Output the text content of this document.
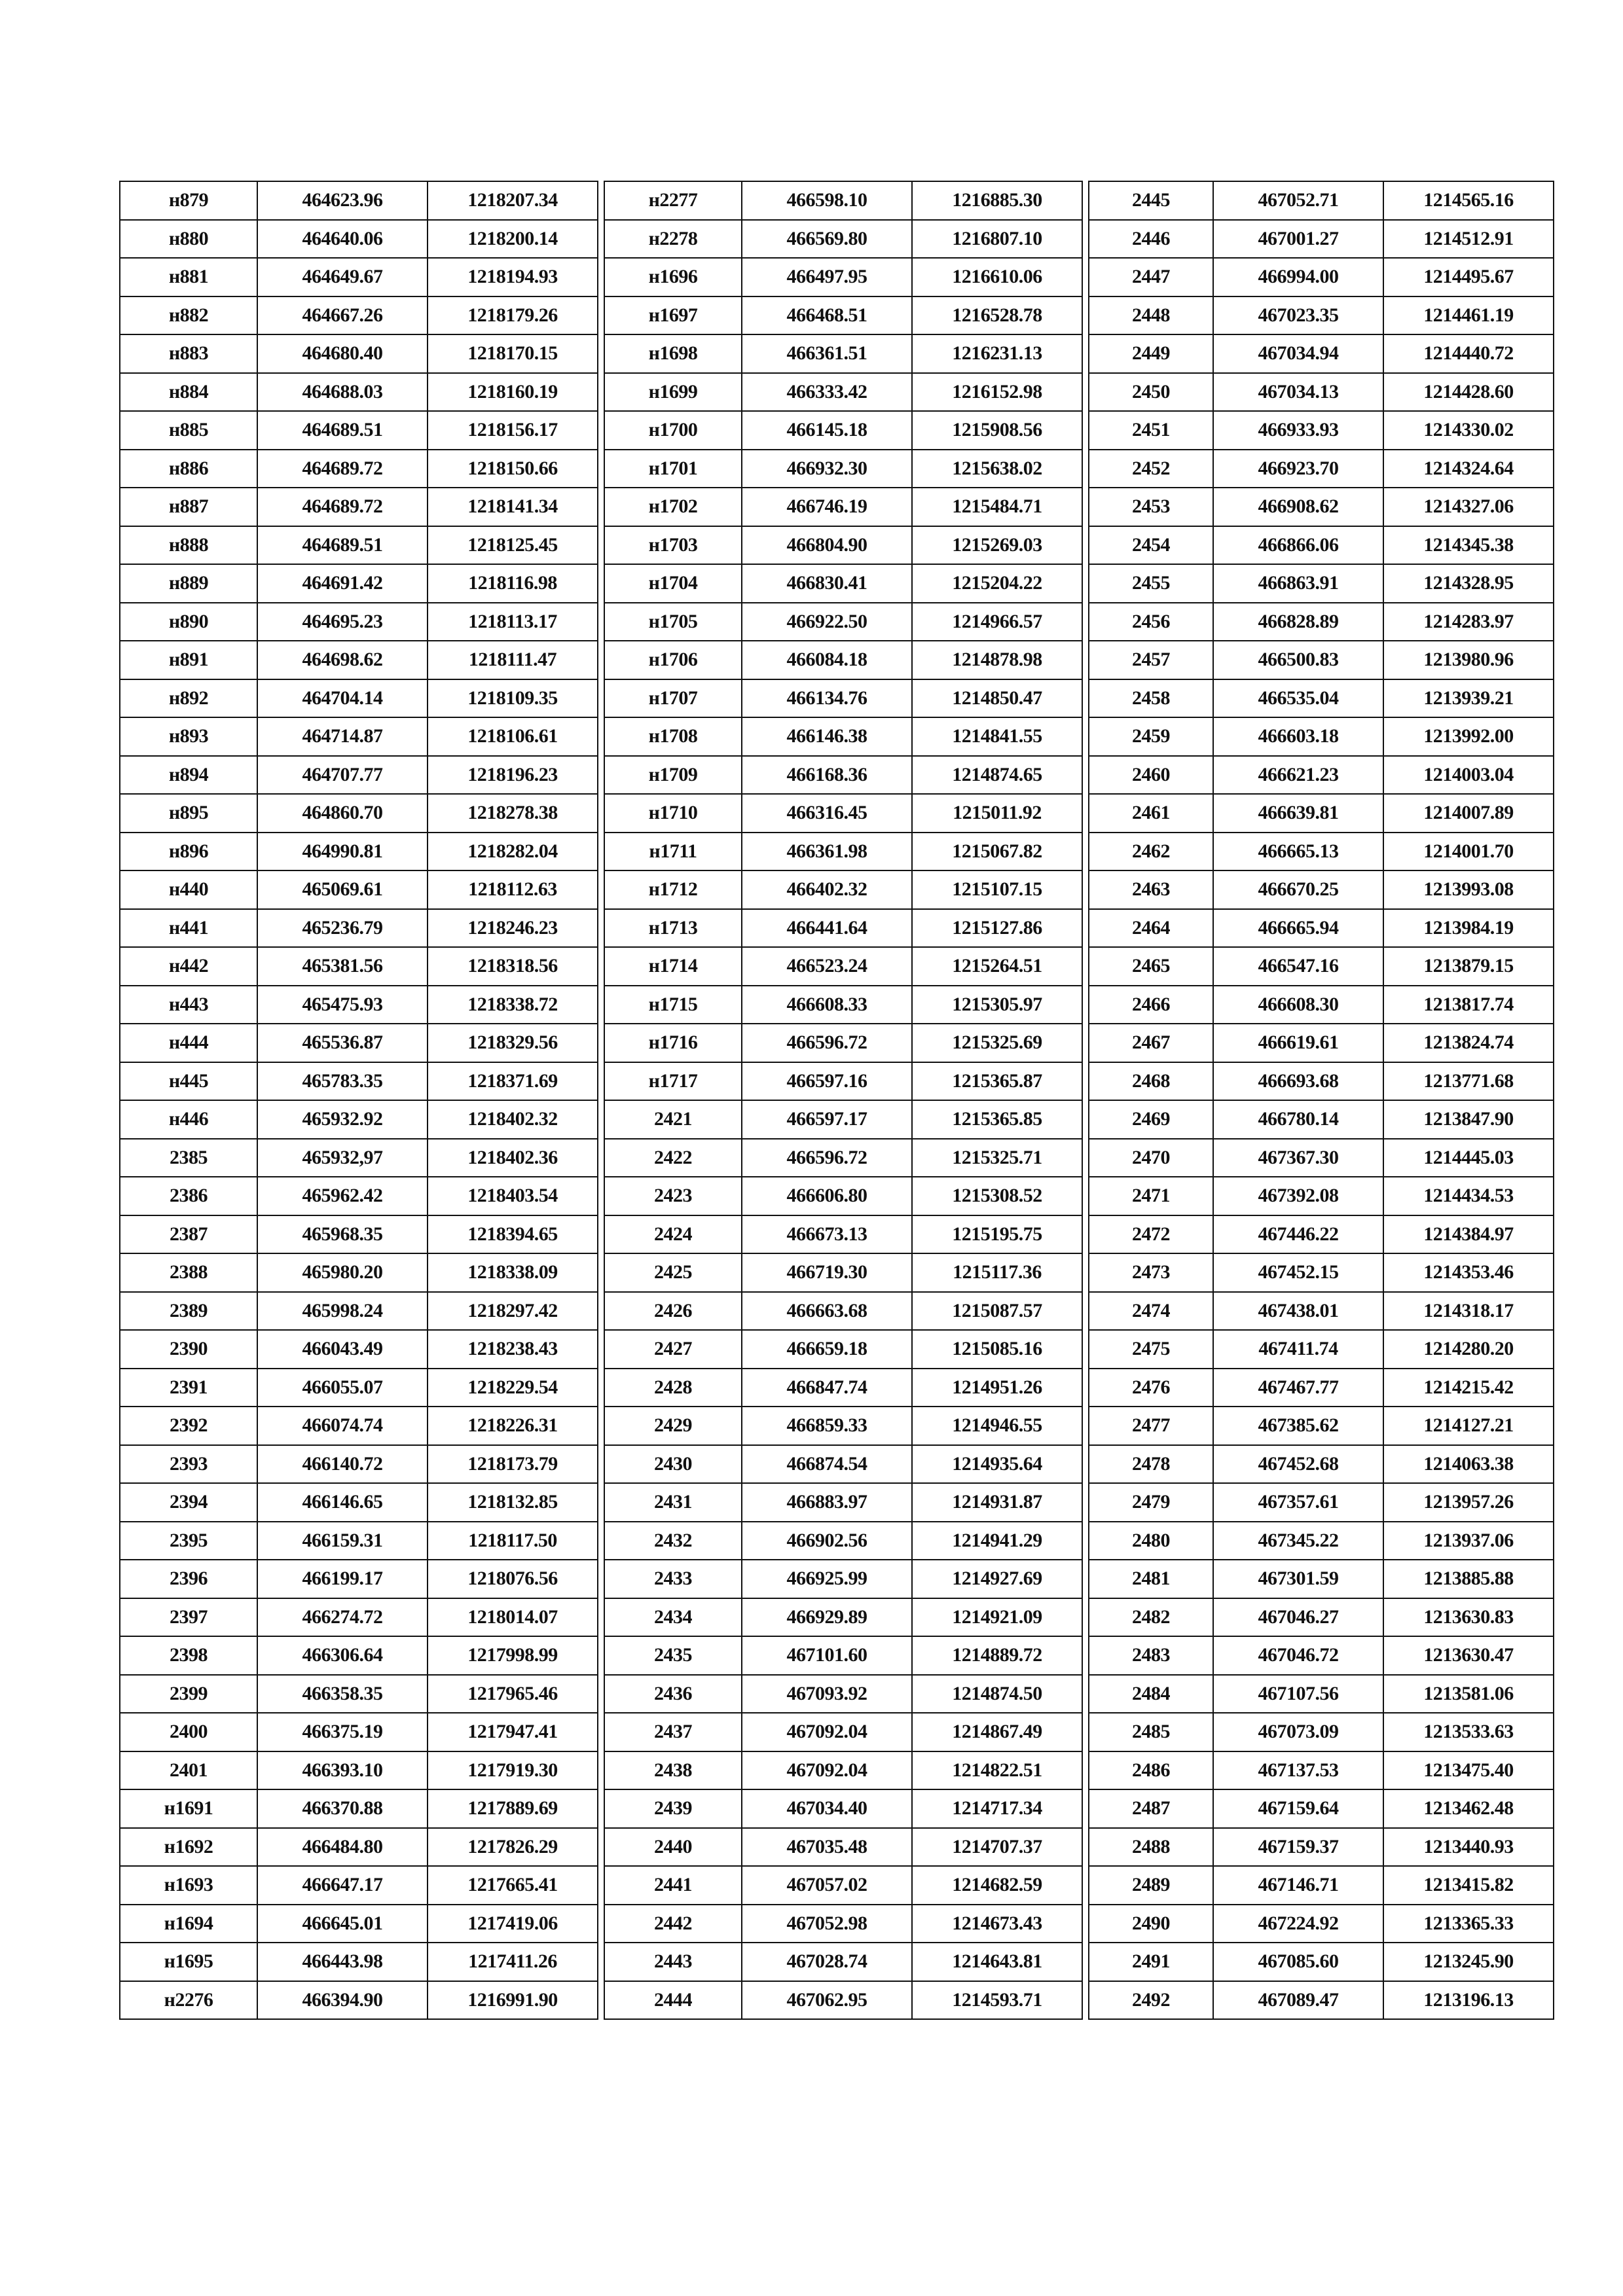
н879	464623.96	1218207.34
н880	464640.06	1218200.14
н881	464649.67	1218194.93
н882	464667.26	1218179.26
н883	464680.40	1218170.15
н884	464688.03	1218160.19
н885	464689.51	1218156.17
н886	464689.72	1218150.66
н887	464689.72	1218141.34
н888	464689.51	1218125.45
н889	464691.42	1218116.98
н890	464695.23	1218113.17
н891	464698.62	1218111.47
н892	464704.14	1218109.35
н893	464714.87	1218106.61
н894	464707.77	1218196.23
н895	464860.70	1218278.38
н896	464990.81	1218282.04
н440	465069.61	1218112.63
н441	465236.79	1218246.23
н442	465381.56	1218318.56
н443	465475.93	1218338.72
н444	465536.87	1218329.56
н445	465783.35	1218371.69
н446	465932.92	1218402.32
2385	465932,97	1218402.36
2386	465962.42	1218403.54
2387	465968.35	1218394.65
2388	465980.20	1218338.09
2389	465998.24	1218297.42
2390	466043.49	1218238.43
2391	466055.07	1218229.54
2392	466074.74	1218226.31
2393	466140.72	1218173.79
2394	466146.65	1218132.85
2395	466159.31	1218117.50
2396	466199.17	1218076.56
2397	466274.72	1218014.07
2398	466306.64	1217998.99
2399	466358.35	1217965.46
2400	466375.19	1217947.41
2401	466393.10	1217919.30
н1691	466370.88	1217889.69
н1692	466484.80	1217826.29
н1693	466647.17	1217665.41
н1694	466645.01	1217419.06
н1695	466443.98	1217411.26
н2276	466394.90	1216991.90
н2277	466598.10	1216885.30
н2278	466569.80	1216807.10
н1696	466497.95	1216610.06
н1697	466468.51	1216528.78
н1698	466361.51	1216231.13
н1699	466333.42	1216152.98
н1700	466145.18	1215908.56
н1701	466932.30	1215638.02
н1702	466746.19	1215484.71
н1703	466804.90	1215269.03
н1704	466830.41	1215204.22
н1705	466922.50	1214966.57
н1706	466084.18	1214878.98
н1707	466134.76	1214850.47
н1708	466146.38	1214841.55
н1709	466168.36	1214874.65
н1710	466316.45	1215011.92
н1711	466361.98	1215067.82
н1712	466402.32	1215107.15
н1713	466441.64	1215127.86
н1714	466523.24	1215264.51
н1715	466608.33	1215305.97
н1716	466596.72	1215325.69
н1717	466597.16	1215365.87
2421	466597.17	1215365.85
2422	466596.72	1215325.71
2423	466606.80	1215308.52
2424	466673.13	1215195.75
2425	466719.30	1215117.36
2426	466663.68	1215087.57
2427	466659.18	1215085.16
2428	466847.74	1214951.26
2429	466859.33	1214946.55
2430	466874.54	1214935.64
2431	466883.97	1214931.87
2432	466902.56	1214941.29
2433	466925.99	1214927.69
2434	466929.89	1214921.09
2435	467101.60	1214889.72
2436	467093.92	1214874.50
2437	467092.04	1214867.49
2438	467092.04	1214822.51
2439	467034.40	1214717.34
2440	467035.48	1214707.37
2441	467057.02	1214682.59
2442	467052.98	1214673.43
2443	467028.74	1214643.81
2444	467062.95	1214593.71
2445	467052.71	1214565.16
2446	467001.27	1214512.91
2447	466994.00	1214495.67
2448	467023.35	1214461.19
2449	467034.94	1214440.72
2450	467034.13	1214428.60
2451	466933.93	1214330.02
2452	466923.70	1214324.64
2453	466908.62	1214327.06
2454	466866.06	1214345.38
2455	466863.91	1214328.95
2456	466828.89	1214283.97
2457	466500.83	1213980.96
2458	466535.04	1213939.21
2459	466603.18	1213992.00
2460	466621.23	1214003.04
2461	466639.81	1214007.89
2462	466665.13	1214001.70
2463	466670.25	1213993.08
2464	466665.94	1213984.19
2465	466547.16	1213879.15
2466	466608.30	1213817.74
2467	466619.61	1213824.74
2468	466693.68	1213771.68
2469	466780.14	1213847.90
2470	467367.30	1214445.03
2471	467392.08	1214434.53
2472	467446.22	1214384.97
2473	467452.15	1214353.46
2474	467438.01	1214318.17
2475	467411.74	1214280.20
2476	467467.77	1214215.42
2477	467385.62	1214127.21
2478	467452.68	1214063.38
2479	467357.61	1213957.26
2480	467345.22	1213937.06
2481	467301.59	1213885.88
2482	467046.27	1213630.83
2483	467046.72	1213630.47
2484	467107.56	1213581.06
2485	467073.09	1213533.63
2486	467137.53	1213475.40
2487	467159.64	1213462.48
2488	467159.37	1213440.93
2489	467146.71	1213415.82
2490	467224.92	1213365.33
2491	467085.60	1213245.90
2492	467089.47	1213196.13
